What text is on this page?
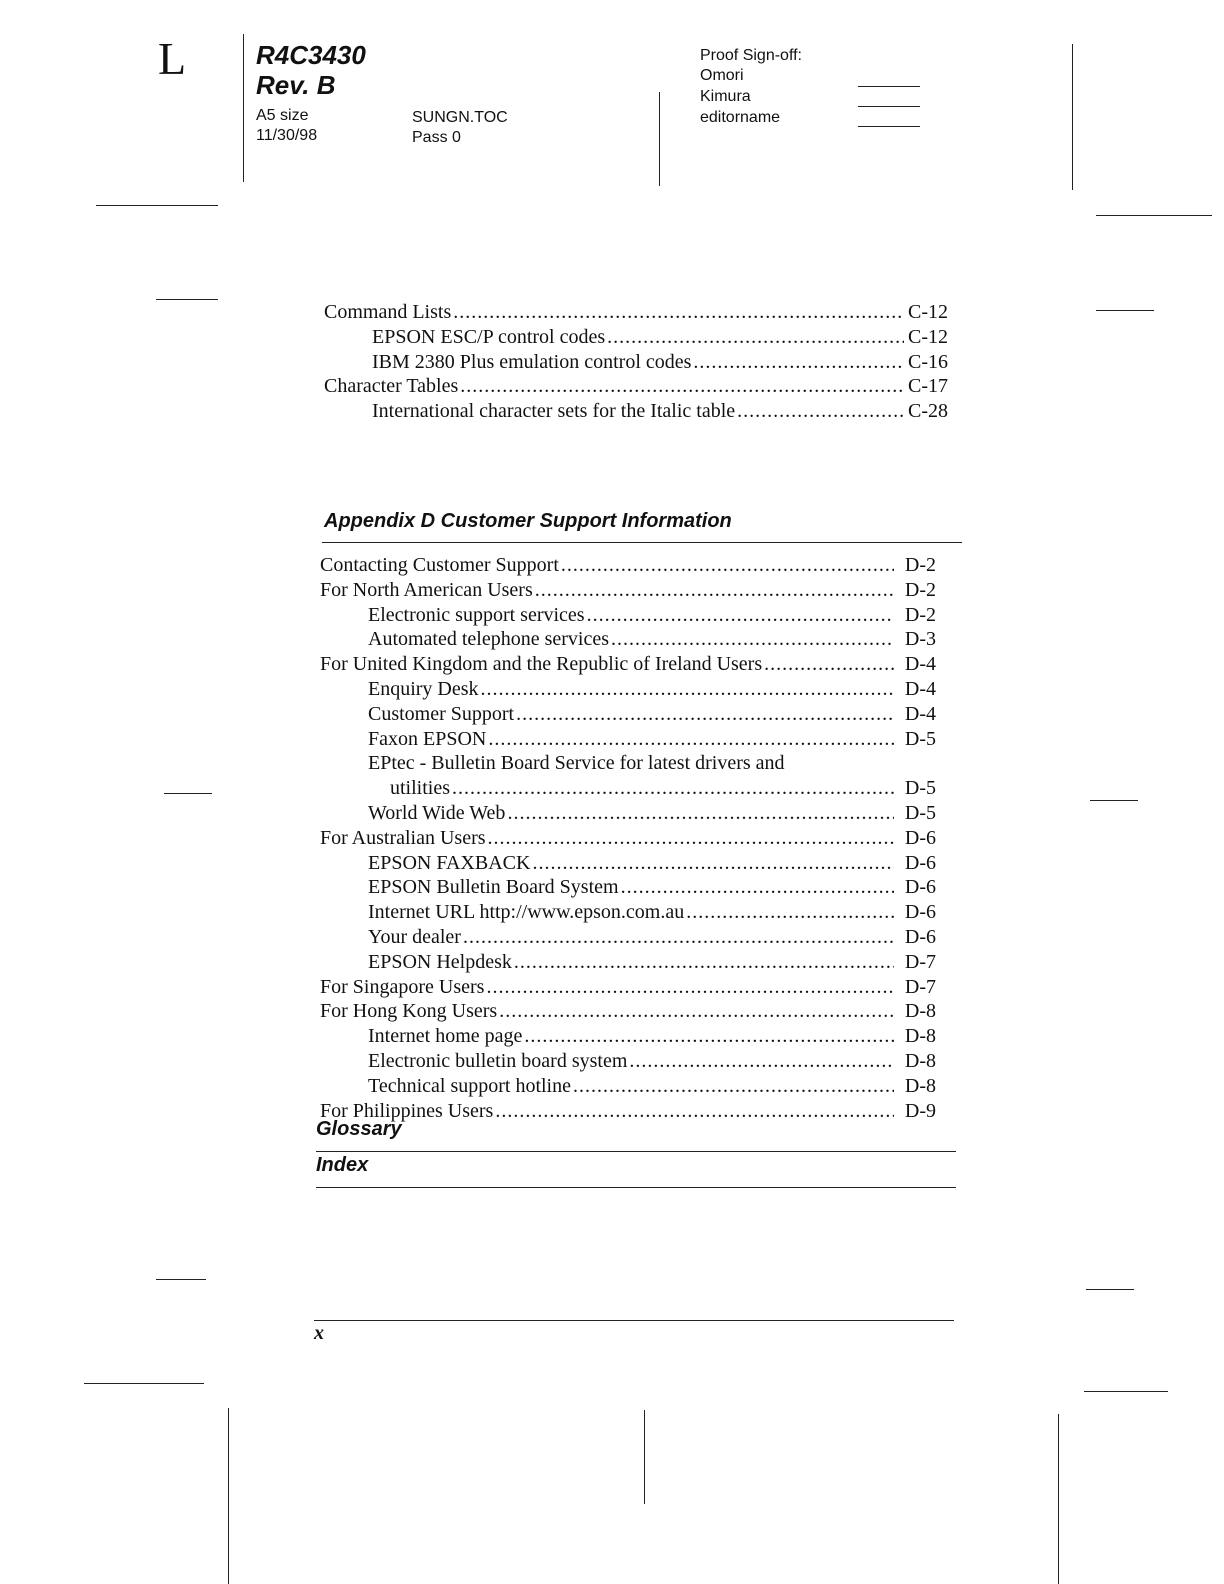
L	R4C3430
Rev. B
A5 size
11/30/98
SUNGN.TOC
Pass 0
Proof Sign-off:
Omori
Kimura
editorname
Command Lists . . .	C-12
EPSON ESC/P control codes . . .	C-12
IBM 2380 Plus emulation control codes . . .	C-16
Character Tables . . .	C-17
International character sets for the Italic table . . .	C-28
Appendix D Customer Support Information
Contacting Customer Support . . .	D-2
For North American Users . . .	D-2
Electronic support services . . .	D-2
Automated telephone services . . .	D-3
For United Kingdom and the Republic of Ireland Users . . .	D-4
Enquiry Desk . . .	D-4
Customer Support . . .	D-4
Faxon EPSON . . .	D-5
EPtec - Bulletin Board Service for latest drivers and
utilities . . .	D-5
World Wide Web . . .	D-5
For Australian Users . . .	D-6
EPSON FAXBACK . . .	D-6
EPSON Bulletin Board System . . .	D-6
Internet URL http://www.epson.com.au . . .	D-6
Your dealer . . .	D-6
EPSON Helpdesk . . .	D-7
For Singapore Users . . .	D-7
For Hong Kong Users . . .	D-8
Internet home page . . .	D-8
Electronic bulletin board system . . .	D-8
Technical support hotline . . .	D-8
For Philippines Users . . .	D-9
Glossary
Index
x
